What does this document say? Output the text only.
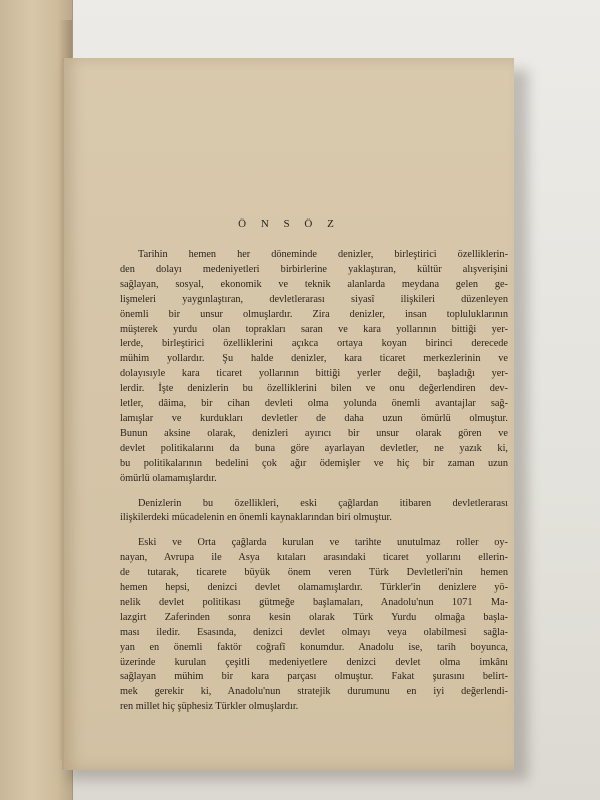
Ö N S Ö Z

Tarihin hemen her döneminde denizler, birleştirici özelliklerin-
den dolayı medeniyetleri birbirlerine yaklaştıran, kültür alışverişini
sağlayan, sosyal, ekonomik ve teknik alanlarda meydana gelen ge-
lişmeleri yaygınlaştıran, devletlerarası siyasî ilişkileri düzenleyen
önemli bir unsur olmuşlardır. Zira denizler, insan topluluklarının
müşterek yurdu olan toprakları saran ve kara yollarının bittiği yer-
lerde, birleştirici özelliklerini açıkca ortaya koyan birinci derecede
mühim yollardır. Şu halde denizler, kara ticaret merkezlerinin ve
dolayısıyle kara ticaret yollarının bittiği yerler değil, başladığı yer-
lerdir. İşte denizlerin bu özelliklerini bilen ve onu değerlendiren dev-
letler, dâima, bir cihan devleti olma yolunda önemli avantajlar sağ-
lamışlar ve kurdukları devletler de daha uzun ömürlü olmuştur.
Bunun aksine olarak, denizleri ayırıcı bir unsur olarak gören ve
devlet politikalarını da buna göre ayarlayan devletler, ne yazık ki,
bu politikalarının bedelini çok ağır ödemişler ve hiç bir zaman uzun
ömürlü olamamışlardır.

Denizlerin bu özellikleri, eski çağlardan itibaren devletlerarası
ilişkilerdeki mücadelenin en önemli kaynaklarından biri olmuştur.

Eski ve Orta çağlarda kurulan ve tarihte unutulmaz roller oy-
nayan, Avrupa ile Asya kıtaları arasındaki ticaret yollarını ellerin-
de tutarak, ticarete büyük önem veren Türk Devletleri'nin hemen
hemen hepsi, denizci devlet olamamışlardır. Türkler'in denizlere yö-
nelik devlet politikası gütmeğe başlamaları, Anadolu'nun 1071 Ma-
lazgirt Zaferinden sonra kesin olarak Türk Yurdu olmağa başla-
ması iledir. Esasında, denizci devlet olmayı veya olabilmesi sağla-
yan en önemli faktör coğrafî konumdur. Anadolu ise, tarih boyunca,
üzerinde kurulan çeşitli medeniyetlere denizci devlet olma imkânı
sağlayan mühim bir kara parçası olmuştur. Fakat şurasını belirt-
mek gerekir ki, Anadolu'nun stratejik durumunu en iyi değerlendi-
ren millet hiç şüphesiz Türkler olmuşlardır.
